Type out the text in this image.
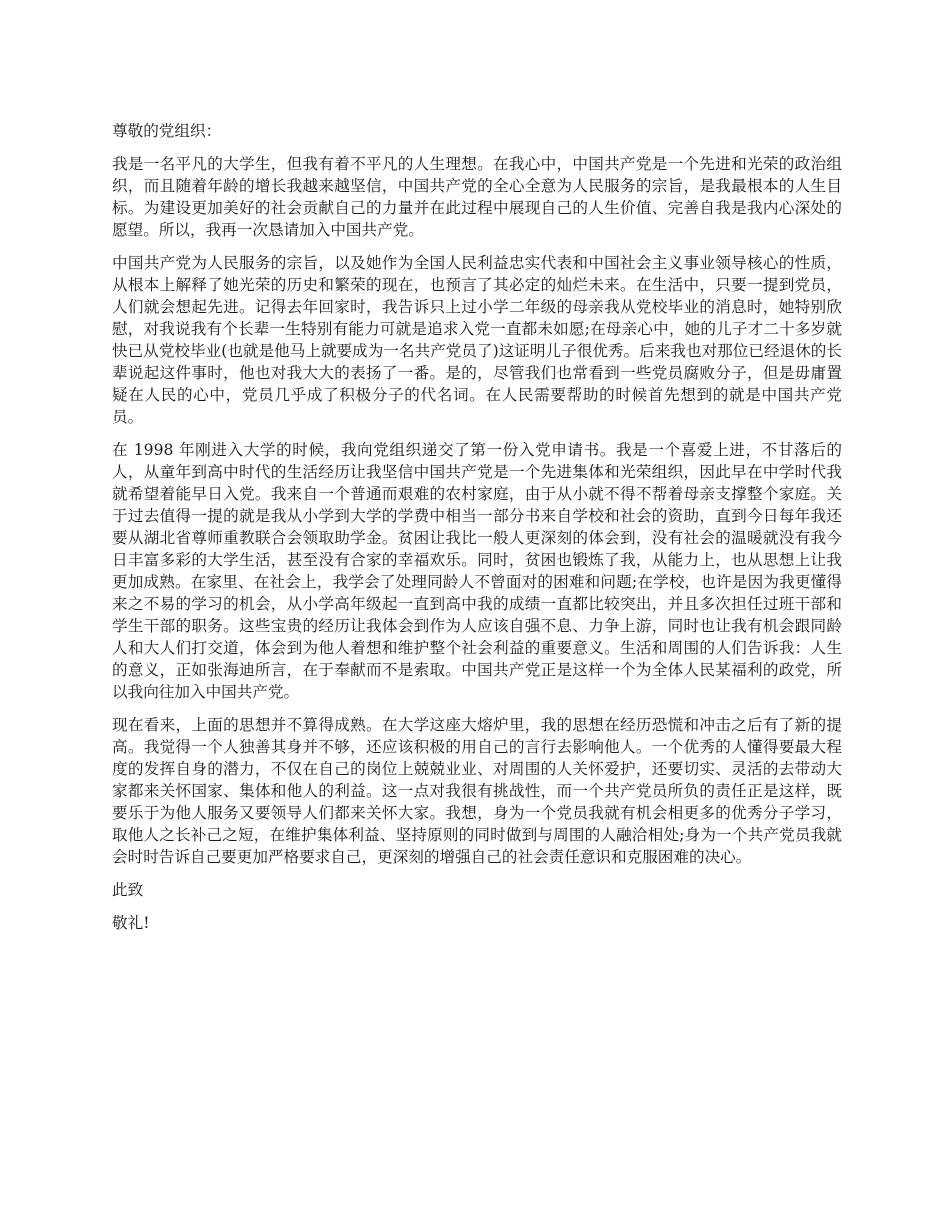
尊敬的党组织：

我是一名平凡的大学生，但我有着不平凡的人生理想。在我心中，中国共产党是一个先进和光荣的政治组织，而且随着年龄的增长我越来越坚信，中国共产党的全心全意为人民服务的宗旨，是我最根本的人生目标。为建设更加美好的社会贡献自己的力量并在此过程中展现自己的人生价值、完善自我是我内心深处的愿望。所以，我再一次恳请加入中国共产党。

中国共产党为人民服务的宗旨，以及她作为全国人民利益忠实代表和中国社会主义事业领导核心的性质，从根本上解释了她光荣的历史和繁荣的现在，也预言了其必定的灿烂未来。在生活中，只要一提到党员，人们就会想起先进。记得去年回家时，我告诉只上过小学二年级的母亲我从党校毕业的消息时，她特别欣慰，对我说我有个长辈一生特别有能力可就是追求入党一直都未如愿;在母亲心中，她的儿子才二十多岁就快已从党校毕业(也就是他马上就要成为一名共产党员了)这证明儿子很优秀。后来我也对那位已经退休的长辈说起这件事时，他也对我大大的表扬了一番。是的，尽管我们也常看到一些党员腐败分子，但是毋庸置疑在人民的心中，党员几乎成了积极分子的代名词。在人民需要帮助的时候首先想到的就是中国共产党员。

在 1998 年刚进入大学的时候，我向党组织递交了第一份入党申请书。我是一个喜爱上进，不甘落后的人，从童年到高中时代的生活经历让我坚信中国共产党是一个先进集体和光荣组织，因此早在中学时代我就希望着能早日入党。我来自一个普通而艰难的农村家庭，由于从小就不得不帮着母亲支撑整个家庭。关于过去值得一提的就是我从小学到大学的学费中相当一部分书来自学校和社会的资助，直到今日每年我还要从湖北省尊师重教联合会领取助学金。贫困让我比一般人更深刻的体会到，没有社会的温暖就没有我今日丰富多彩的大学生活，甚至没有合家的幸福欢乐。同时，贫困也锻炼了我，从能力上，也从思想上让我更加成熟。在家里、在社会上，我学会了处理同龄人不曾面对的困难和问题;在学校，也许是因为我更懂得来之不易的学习的机会，从小学高年级起一直到高中我的成绩一直都比较突出，并且多次担任过班干部和学生干部的职务。这些宝贵的经历让我体会到作为人应该自强不息、力争上游，同时也让我有机会跟同龄人和大人们打交道，体会到为他人着想和维护整个社会利益的重要意义。生活和周围的人们告诉我：人生的意义，正如张海迪所言，在于奉献而不是索取。中国共产党正是这样一个为全体人民某福利的政党，所以我向往加入中国共产党。

现在看来，上面的思想并不算得成熟。在大学这座大熔炉里，我的思想在经历恐慌和冲击之后有了新的提高。我觉得一个人独善其身并不够，还应该积极的用自己的言行去影响他人。一个优秀的人懂得要最大程度的发挥自身的潜力，不仅在自己的岗位上兢兢业业、对周围的人关怀爱护，还要切实、灵活的去带动大家都来关怀国家、集体和他人的利益。这一点对我很有挑战性，而一个共产党员所负的责任正是这样，既要乐于为他人服务又要领导人们都来关怀大家。我想，身为一个党员我就有机会相更多的优秀分子学习，取他人之长补己之短，在维护集体利益、坚持原则的同时做到与周围的人融洽相处;身为一个共产党员我就会时时告诉自己要更加严格要求自己，更深刻的增强自己的社会责任意识和克服困难的决心。

此致

敬礼!
